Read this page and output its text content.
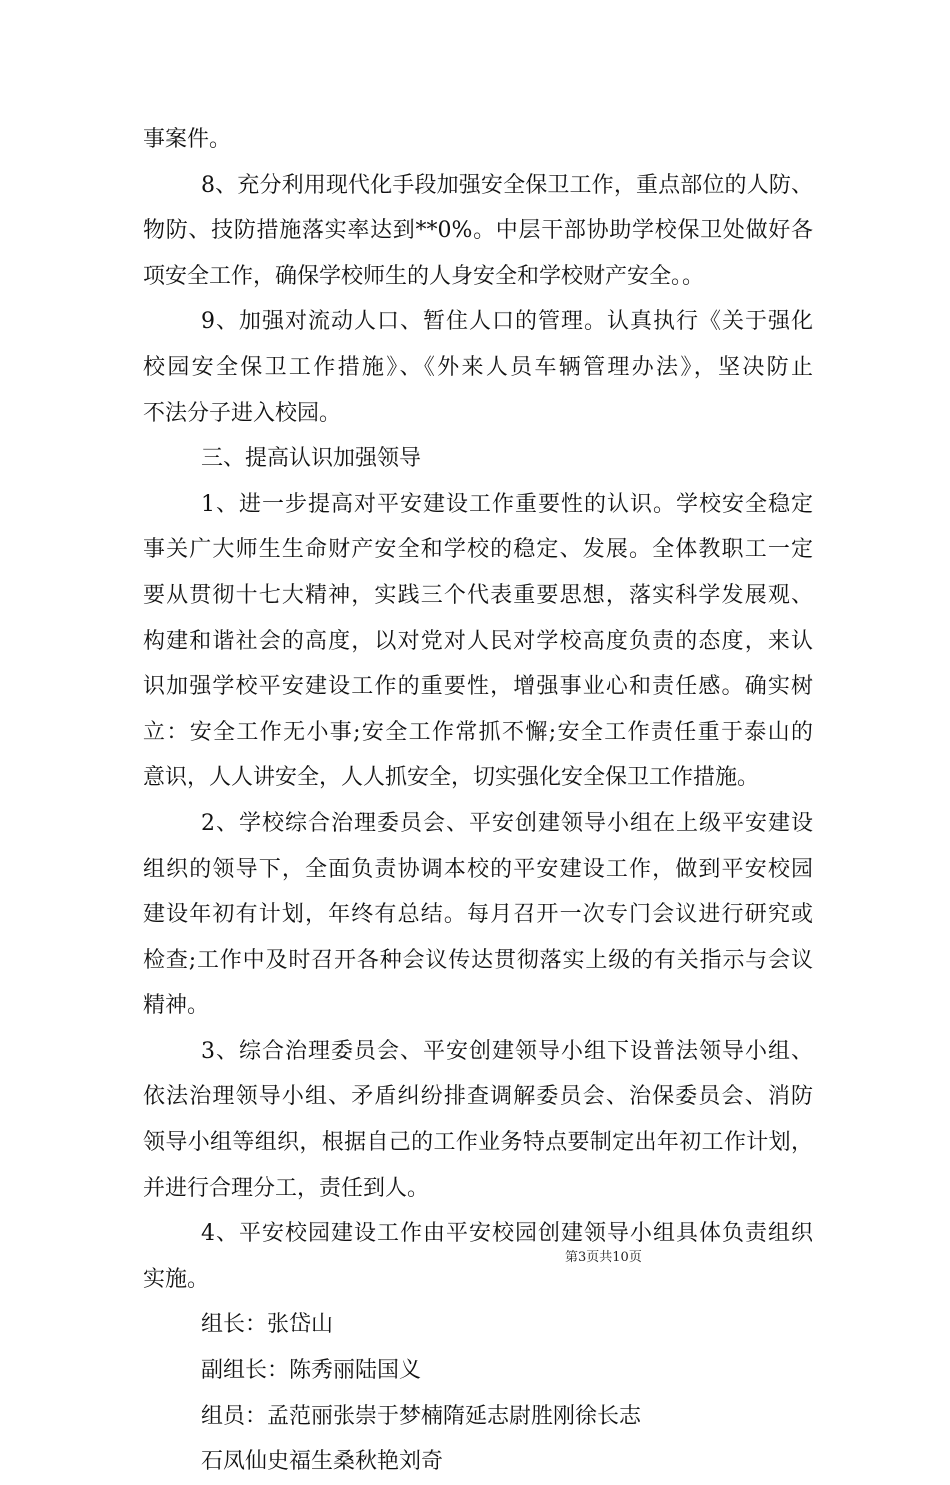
事案件。
8、充分利用现代化手段加强安全保卫工作，重点部位的人防、
物防、技防措施落实率达到**0%。中层干部协助学校保卫处做好各
项安全工作，确保学校师生的人身安全和学校财产安全。。
9、加强对流动人口、暂住人口的管理。认真执行《关于强化
校园安全保卫工作措施》、《外来人员车辆管理办法》，坚决防止
不法分子进入校园。
三、提高认识加强领导
1、进一步提高对平安建设工作重要性的认识。学校安全稳定
事关广大师生生命财产安全和学校的稳定、发展。全体教职工一定
要从贯彻十七大精神，实践三个代表重要思想，落实科学发展观、
构建和谐社会的高度，以对党对人民对学校高度负责的态度，来认
识加强学校平安建设工作的重要性，增强事业心和责任感。确实树
立：安全工作无小事;安全工作常抓不懈;安全工作责任重于泰山的
意识，人人讲安全，人人抓安全，切实强化安全保卫工作措施。
2、学校综合治理委员会、平安创建领导小组在上级平安建设
组织的领导下，全面负责协调本校的平安建设工作，做到平安校园
建设年初有计划，年终有总结。每月召开一次专门会议进行研究或
检查;工作中及时召开各种会议传达贯彻落实上级的有关指示与会议
精神。
3、综合治理委员会、平安创建领导小组下设普法领导小组、
依法治理领导小组、矛盾纠纷排查调解委员会、治保委员会、消防
领导小组等组织，根据自己的工作业务特点要制定出年初工作计划，
并进行合理分工，责任到人。
4、平安校园建设工作由平安校园创建领导小组具体负责组织
实施。
组长：张岱山
副组长：陈秀丽陆国义
组员：孟范丽张崇于梦楠隋延志尉胜刚徐长志
石凤仙史福生桑秋艳刘奇
第3页共10页
